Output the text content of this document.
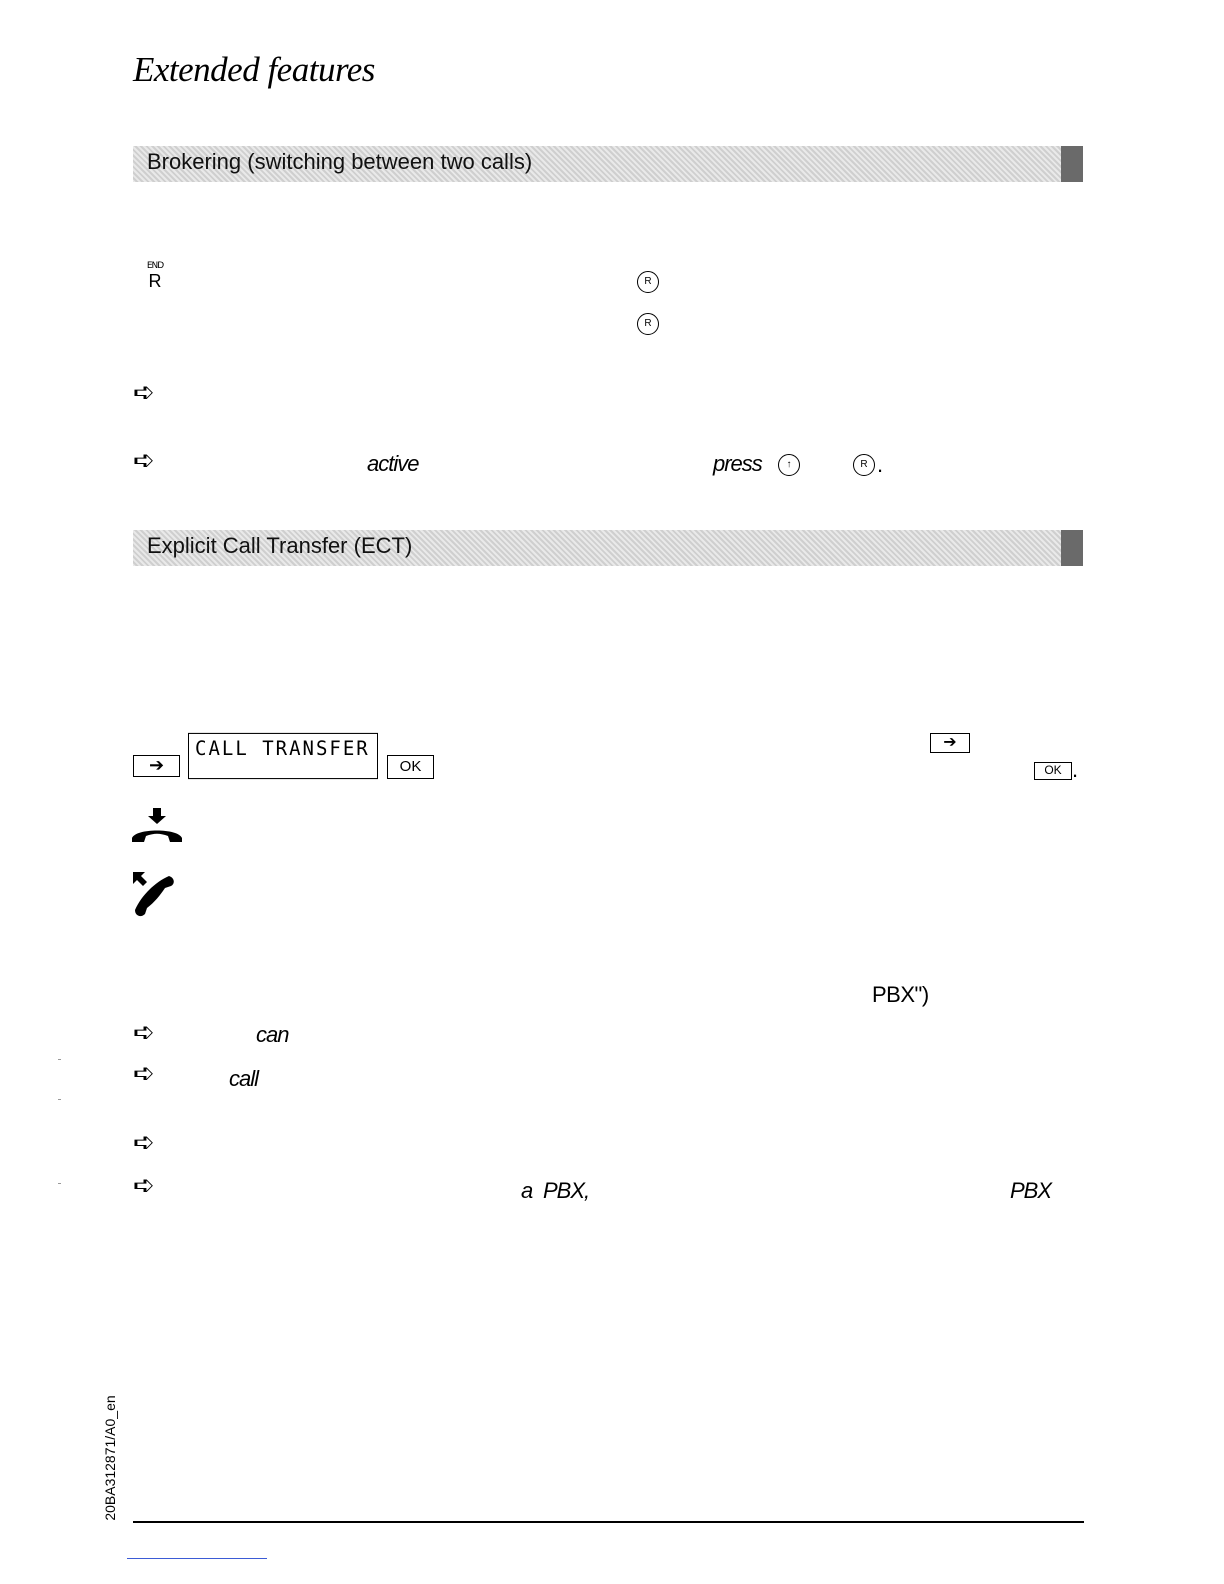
Extended features
Brokering (switching between two calls)
END
R	R
R
➪
➪	active	press	↑	R .
Explicit Call Transfer (ECT)
➔
CALL TRANSFER
OK
➔
OK .
PBX")
➪	can
➪	call
➪
➪	a PBX,	PBX
20BA312871/A0_en
